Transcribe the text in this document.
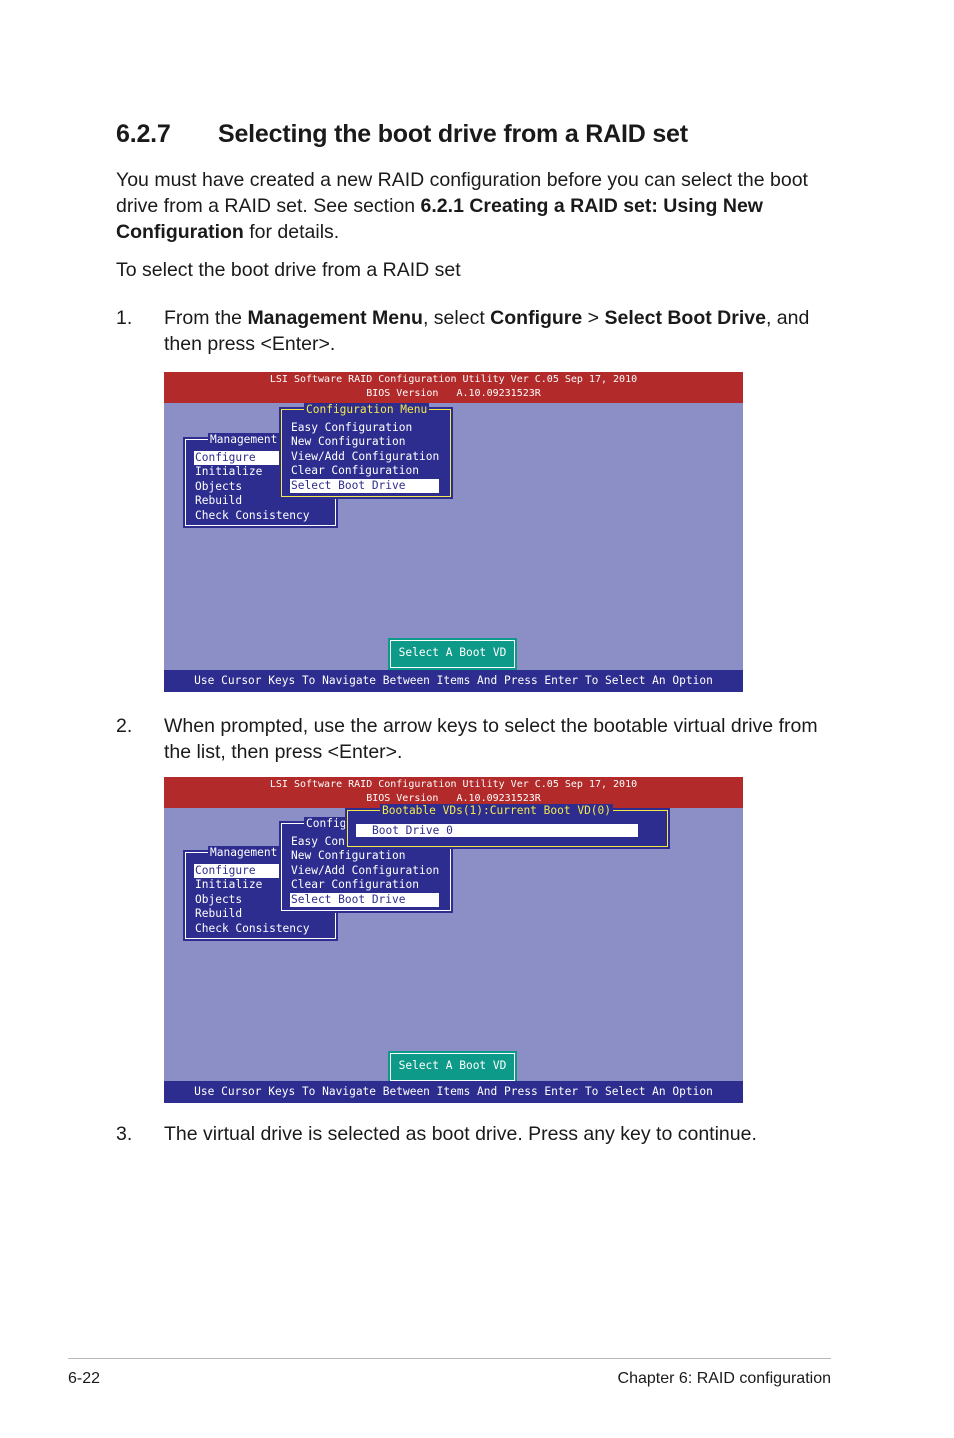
6.2.7 Selecting the boot drive from a RAID set

You must have created a new RAID configuration before you can select the boot drive from a RAID set. See section 6.2.1 Creating a RAID set: Using New Configuration for details.

To select the boot drive from a RAID set

1. From the Management Menu, select Configure > Select Boot Drive, and then press <Enter>.
LSI Software RAID Configuration Utility Ver C.05 Sep 17, 2010
BIOS Version   A.10.09231523R
Management
Configure
Initialize
Objects
Rebuild
Check Consistency
Configuration Menu
Easy Configuration
New Configuration
View/Add Configuration
Clear Configuration
Select Boot Drive
Select A Boot VD
Use Cursor Keys To Navigate Between Items And Press Enter To Select An Option
2. When prompted, use the arrow keys to select the bootable virtual drive from the list, then press <Enter>.
LSI Software RAID Configuration Utility Ver C.05 Sep 17, 2010
BIOS Version   A.10.09231523R
Management
Configure
Initialize
Objects
Rebuild
Check Consistency
Config
Easy Con
New Configuration
View/Add Configuration
Clear Configuration
Select Boot Drive
Bootable VDs(1):Current Boot VD(0)
Boot Drive 0
Select A Boot VD
Use Cursor Keys To Navigate Between Items And Press Enter To Select An Option
3. The virtual drive is selected as boot drive. Press any key to continue.
6-22	Chapter 6: RAID configuration
